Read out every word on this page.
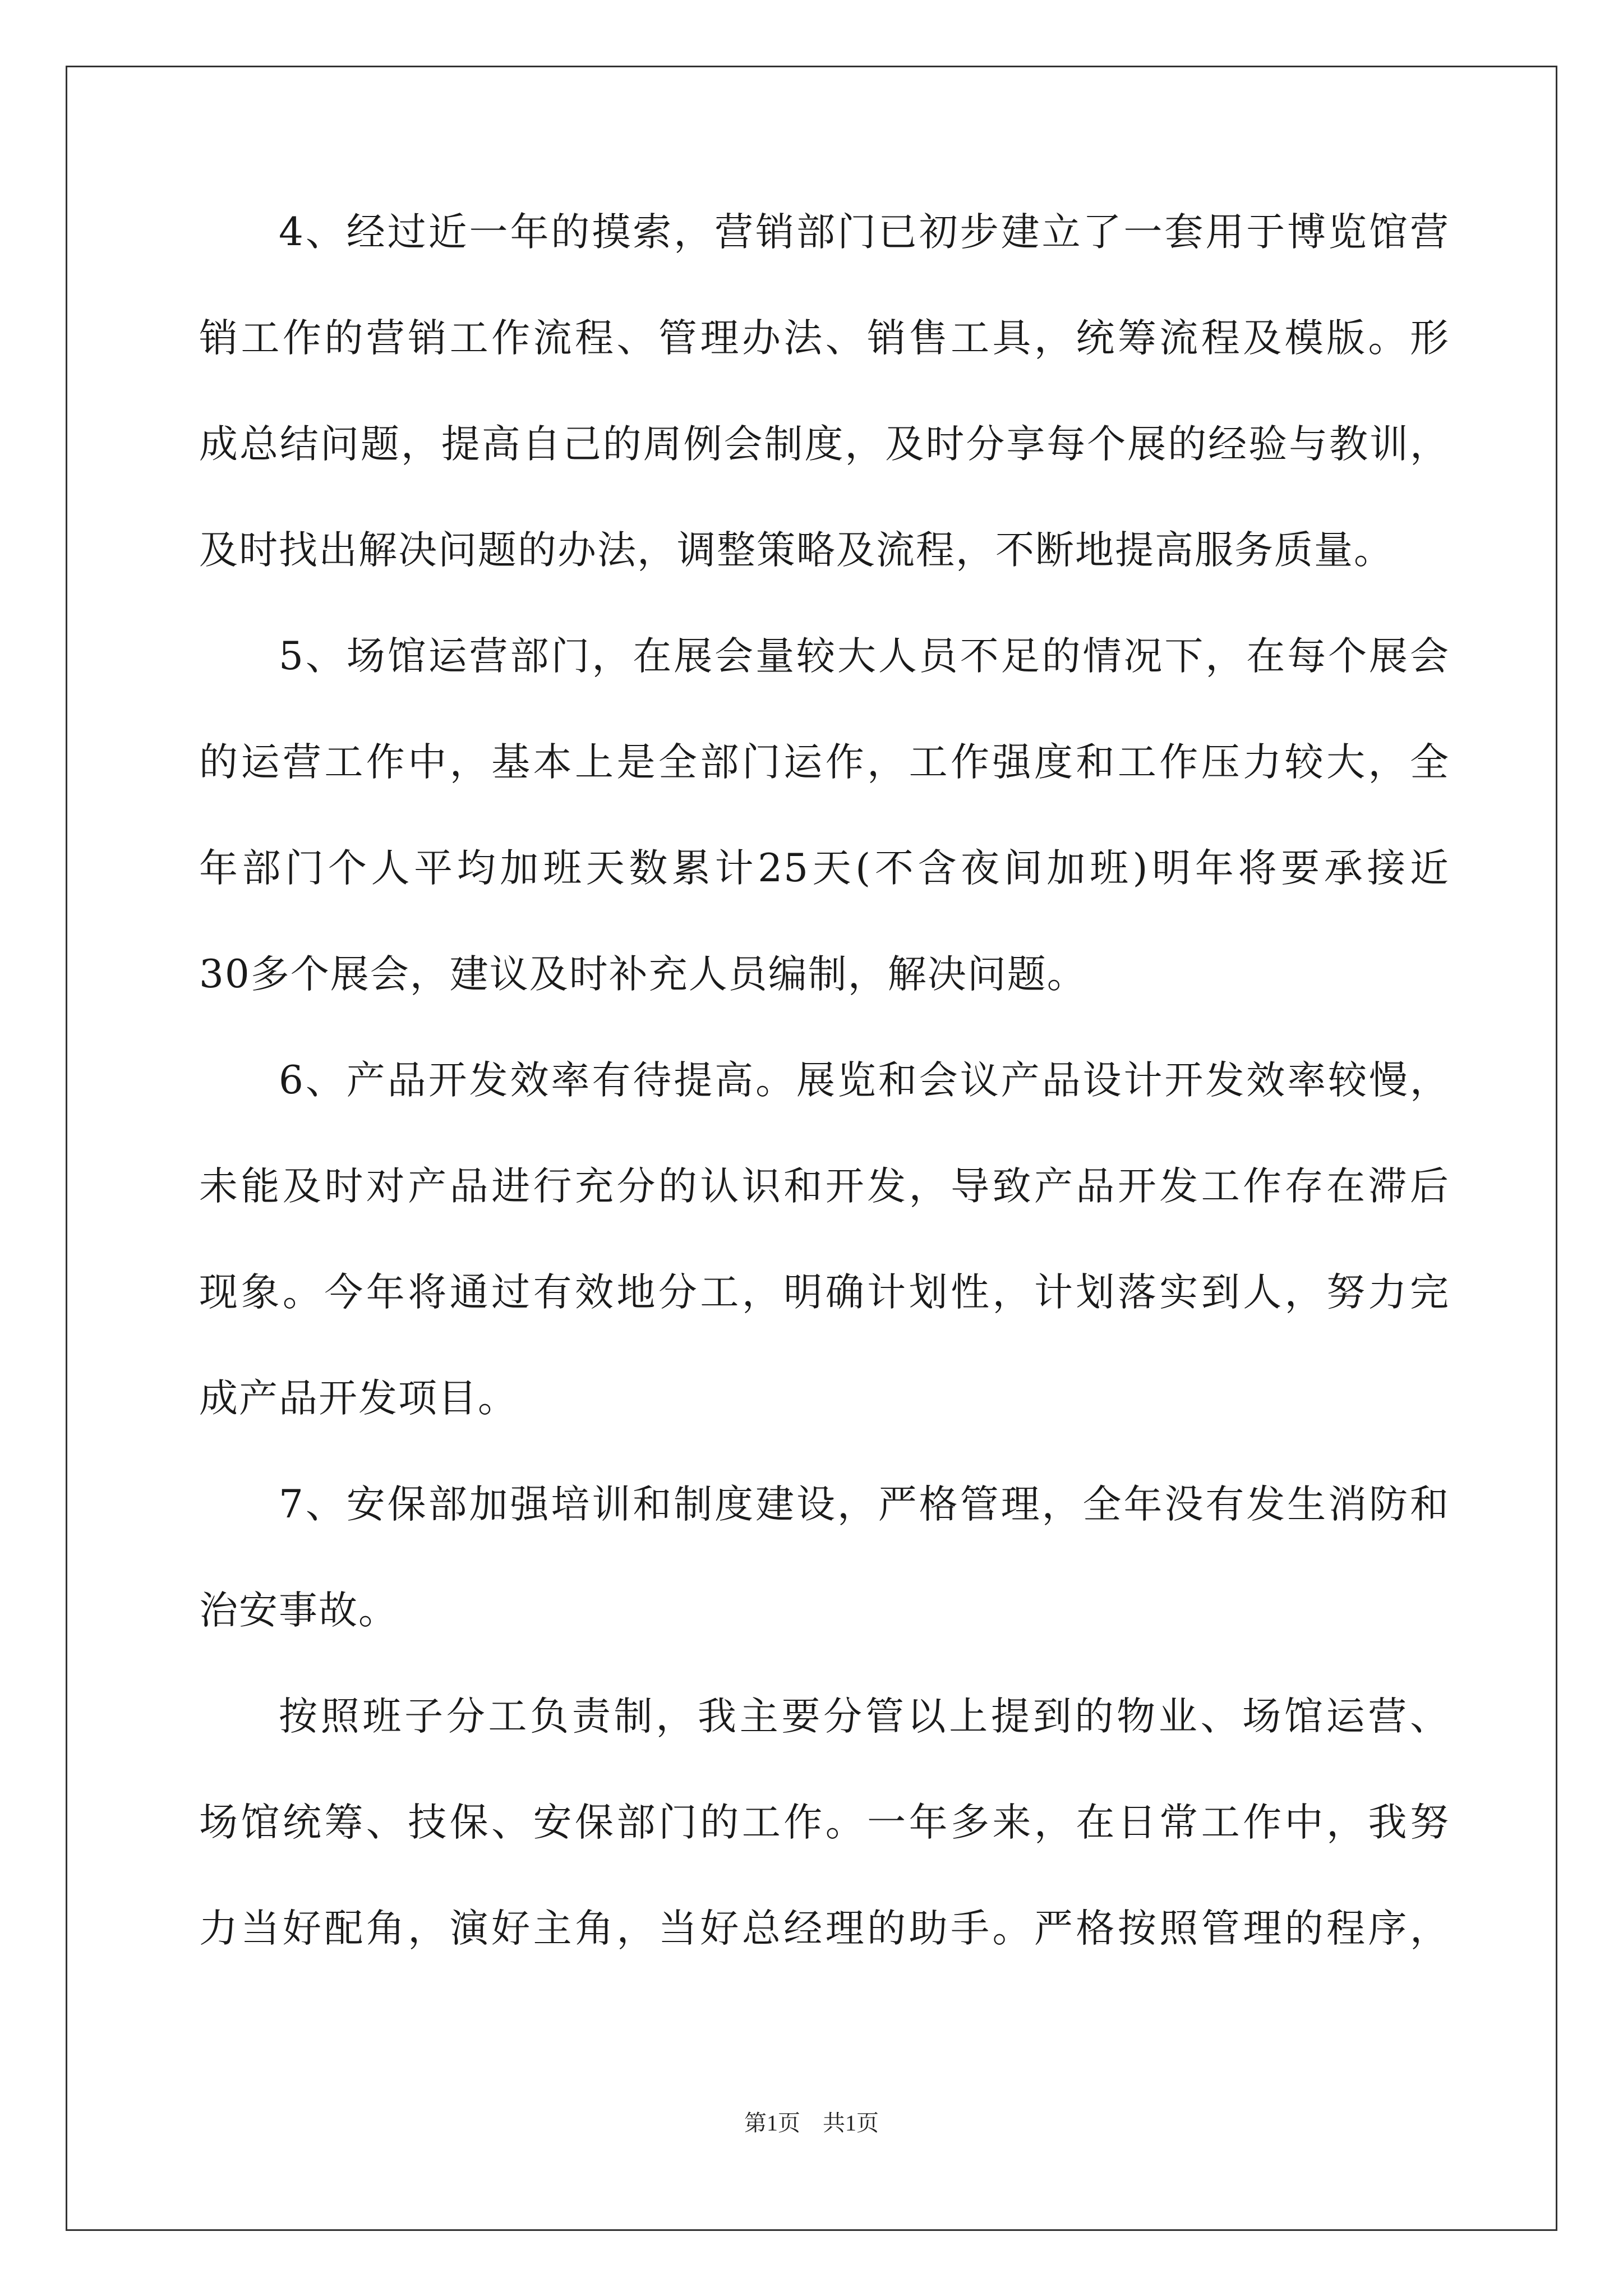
4、经过近一年的摸索，营销部门已初步建立了一套用于博览馆营
销工作的营销工作流程、管理办法、销售工具，统筹流程及模版。形
成总结问题，提高自己的周例会制度，及时分享每个展的经验与教训，
及时找出解决问题的办法，调整策略及流程，不断地提高服务质量。
5、场馆运营部门，在展会量较大人员不足的情况下，在每个展会
的运营工作中，基本上是全部门运作，工作强度和工作压力较大，全
年部门个人平均加班天数累计25天(不含夜间加班)明年将要承接近
30多个展会，建议及时补充人员编制，解决问题。
6、产品开发效率有待提高。展览和会议产品设计开发效率较慢，
未能及时对产品进行充分的认识和开发，导致产品开发工作存在滞后
现象。今年将通过有效地分工，明确计划性，计划落实到人，努力完
成产品开发项目。
7、安保部加强培训和制度建设，严格管理，全年没有发生消防和
治安事故。
按照班子分工负责制，我主要分管以上提到的物业、场馆运营、
场馆统筹、技保、安保部门的工作。一年多来，在日常工作中，我努
力当好配角，演好主角，当好总经理的助手。严格按照管理的程序，
第1页 共1页
